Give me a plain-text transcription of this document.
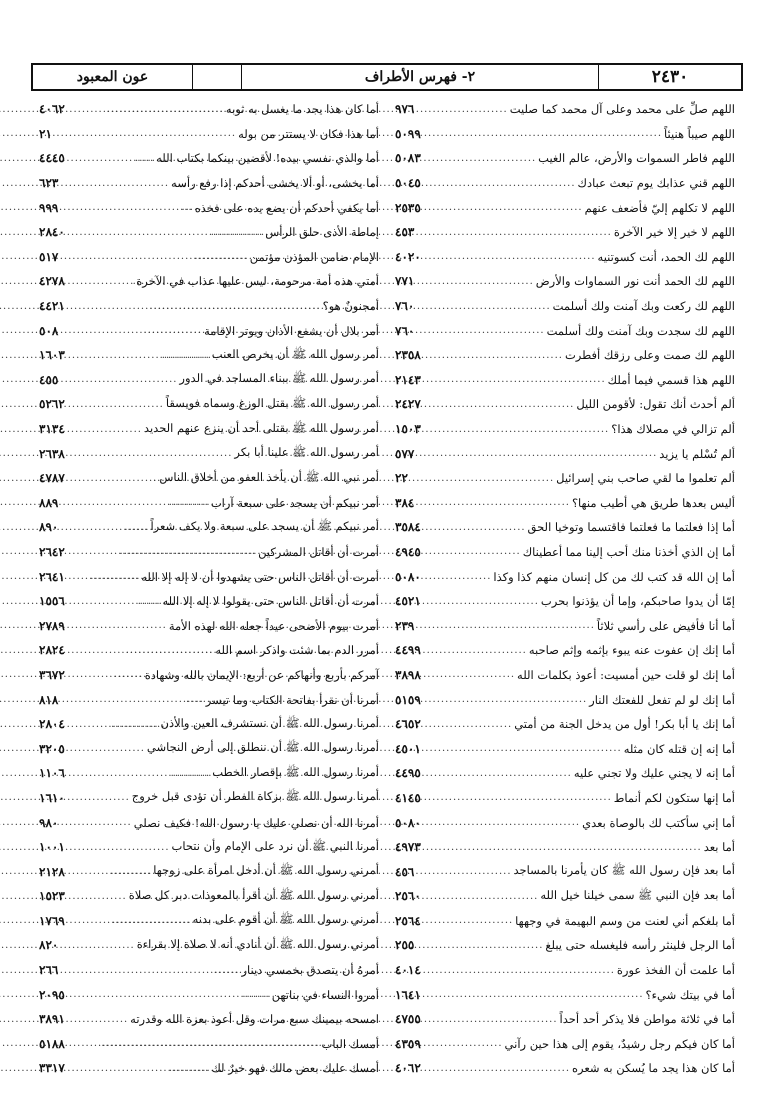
٢٤٣٠
٢- فهرس الأطراف
عون المعبود
اللهم صلِّ على محمد وعلى آل محمد كما صليت
.....
٩٧٦
اللهم صيباً هنيئاً
.....
٥٠٩٩
اللهم فاطر السموات والأرض، عالم الغيب
.....
٥٠٨٣
اللهم قني عذابك يوم تبعث عبادك
.....
٥٠٤٥
اللهم لا تكلهم إليّ فأضعف عنهم
.....
٢٥٣٥
اللهم لا خير إلا خير الآخرة
.....
٤٥٣
اللهم لك الحمد، أنت كسوتنيه
.....
٤٠٢٠
اللهم لك الحمد أنت نور السماوات والأرض
.....
٧٧١
اللهم لك ركعت وبك آمنت ولك أسلمت
.....
٧٦٠
اللهم لك سجدت وبك آمنت ولك أسلمت
.....
٧٦٠
اللهم لك صمت وعلى رزقك أفطرت
.....
٢٣٥٨
اللهم هذا قسمي فيما أملك
.....
٢١٤٣
ألم أحدث أنك تقول: لأقومن الليل
.....
٢٤٢٧
ألم تزالي في مصلاك هذا؟
.....
١٥٠٣
ألم تُسْلم يا يزيد
.....
٥٧٧
ألم تعلموا ما لقي صاحب بني إسرائيل
.....
٢٢
أليس بعدها طريق هي أطيب منها؟
.....
٣٨٤
أما إذا فعلتما ما فعلتما فاقتسما وتوخيا الحق
.....
٣٥٨٤
أما إن الذي أخذنا منك أحب إلينا مما أعطيناك
.....
٤٩٤٥
أما إن الله قد كتب لك من كل إنسان منهم كذا وكذا
.....
٥٠٨٠
إمّا أن يدوا صاحبكم، وإما أن يؤذنوا بحرب
.....
٤٥٢١
أما أنا فأفيض على رأسي ثلاثاً
.....
٢٣٩
أما إنك إن عفوت عنه يبوء بإثمه وإثم صاحبه
.....
٤٤٩٩
أما إنك لو قلت حين أمسيت: أعوذ بكلمات الله
.....
٣٨٩٨
أما إنك لو لم تفعل للفعتك النار
.....
٥١٥٩
أما إنك يا أبا بكر! أول من يدخل الجنة من أمتي
.....
٤٦٥٢
أما إنه إن قتله كان مثله
.....
٤٥٠١
أما إنه لا يجني عليك ولا تجني عليه
.....
٤٤٩٥
أما إنها ستكون لكم أنماط
.....
٤١٤٥
أما إني سأكتب لك بالوصاة بعدي
.....
٥٠٨٠
أما بعد
.....
٤٩٧٣
أما بعد فإن رسول الله ﷺ كان يأمرنا بالمساجد
.....
٤٥٦
أما بعد فإن النبي ﷺ سمى خيلنا خيل الله
.....
٢٥٦٠
أما بلغكم أني لعنت من وسم البهيمة في وجهها
.....
٢٥٦٤
أما الرجل فلينثر رأسه فليغسله حتى يبلغ
.....
٢٥٥
أما علمت أن الفخذ عورة
.....
٤٠١٤
أما في بيتك شيء؟
.....
١٦٤١
أما في ثلاثة مواطن فلا يذكر أحد أحداً
.....
٤٧٥٥
أما كان فيكم رجل رشيدٌ، يقوم إلى هذا حين رآني
.....
٤٣٥٩
أما كان هذا يجد ما يُسكن به شعره
.....
٤٠٦٢
أما كان هذا يجد ما يغسل به ثوبه
.....
٤٠٦٢
أما هذا فكان لا يستتر من بوله
.....
٢١
أما والذي نفسي بيده! لأقضين بينكما بكتاب الله
.....
٤٤٤٥
أما يخشى، أو ألا يخشى أحدكم إذا رفع رأسه
.....
٦٢٣
أما يكفي أحدكم أن يضع يده على فخذه
.....
٩٩٩
إماطة الأذى حلق الرأس
.....
٢٨٤٠
الإمام ضامن المؤذن مؤتمن
.....
٥١٧
أمتي هذه أمة مرحومة، ليس عليها عذاب في الآخرة
.....
٤٢٧٨
أمجنونٌ هو؟
.....
٤٤٢١
أمر بلال أن يشفع الأذان ويوتر الإقامة
.....
٥٠٨
أمر رسول الله ﷺ أن يخرص العنب
.....
١٦٠٣
أمر رسول الله ﷺ ببناء المساجد في الدور
.....
٤٥٥
أمر رسول الله ﷺ بقتل الوزغ وسماه فويسقاً
.....
٥٢٦٢
أمر رسول الله ﷺ بقتلى أحد أن ينزع عنهم الحديد
.....
٣١٣٤
أمر رسول الله ﷺ علينا أبا بكر
.....
٢٦٣٨
أمر نبي الله ﷺ أن يأخذ العفو من أخلاق الناس
.....
٤٧٨٧
أمر نبيكم أن يسجد على سبعة آراب
.....
٨٨٩
أمر نبيكم ﷺ أن يسجد على سبعة ولا يكف شعراً
.....
٨٩٠
أمرت أن أقاتل المشركين
.....
٢٦٤٢
أمرت أن أقاتل الناس حتى يشهدوا أن لا إله إلا الله
.....
٢٦٤١
أمرت أن أقاتل الناس حتى يقولوا لا إله إلا الله
.....
١٥٥٦
أمرت بيوم الأضحى عيداً جعله الله لهذه الأمة
.....
٢٧٨٩
أمرر الدم بما شئت واذكر اسم الله
.....
٢٨٢٤
آمركم بأربع وأنهاكم عن أربع: الإيمان بالله وشهادة
.....
٣٦٧٢
أمرنا أن نقرأ بفاتحة الكتاب وما تيسر
.....
٨١٨
أمرنا رسول الله ﷺ أن نستشرف العين والأذن
.....
٢٨٠٤
أمرنا رسول الله ﷺ أن ننطلق إلى أرض النجاشي
.....
٣٢٠٥
أمرنا رسول الله ﷺ بإقصار الخطب
.....
١١٠٦
أمرنا رسول الله ﷺ بزكاة الفطر أن تؤدى قبل خروج
.....
١٦١٠
أمرنا الله أن نصلي عليك يا رسول الله! فكيف نصلي
.....
٩٨٠
أمرنا النبي ﷺ أن نرد على الإمام وأن نتحاب
.....
١٠٠١
أمرني رسول الله ﷺ أن أدخل امرأة على زوجها
.....
٢١٢٨
أمرني رسول الله ﷺ أن أقرأ بالمعوذات دبر كل صلاة
.....
١٥٢٣
أمرني رسول الله ﷺ أن أقوم على بدنه
.....
١٧٦٩
أمرني رسول الله ﷺ أن أنادي أنه لا صلاة إلا بقراءة
.....
٨٢٠
أمرهُ أن يتصدق بخمسي دينار
.....
٢٦٦
أمروا النساء في بناتهن
.....
٢٠٩٥
امسحه بيمينك سبع مرات وقل أعوذ بعزة الله وقدرته
.....
٣٨٩١
أمسك الباب
.....
٥١٨٨
أمسك عليك بعض مالك فهو خيرٌ لك
.....
٣٣١٧
